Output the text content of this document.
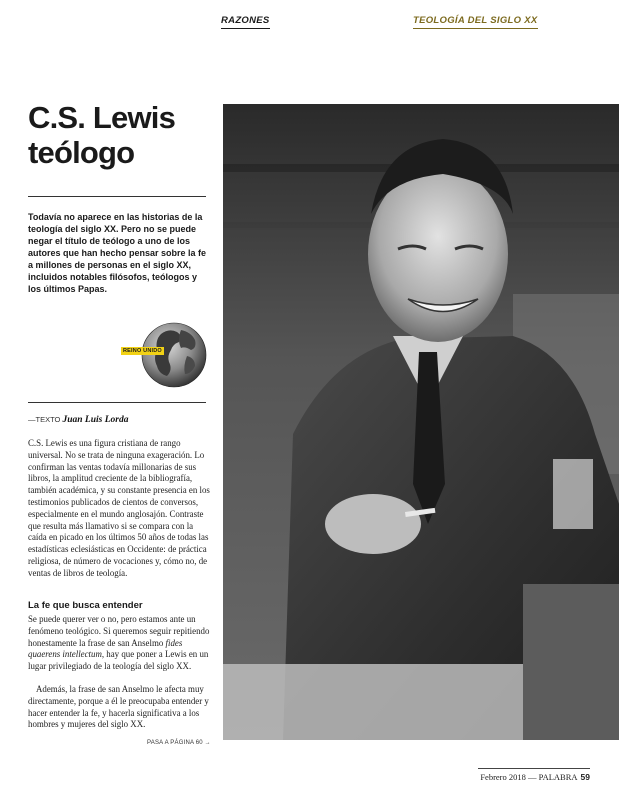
RAZONES	TEOLOGÍA DEL SIGLO XX
C.S. Lewis
teólogo

Todavía no aparece en las historias de la teología del siglo XX. Pero no se puede negar el título de teólogo a uno de los autores que han hecho pensar sobre la fe a millones de personas en el siglo XX, incluidos notables filósofos, teólogos y los últimos Papas.

REINO UNIDO
—TEXTO Juan Luis Lorda

C.S. Lewis es una figura cristiana de rango universal. No se trata de ninguna exageración. Lo confirman las ventas todavía millonarias de sus libros, la amplitud creciente de la bibliografía, también académica, y su constante presencia en los testimonios publicados de cientos de conversos, especialmente en el mundo anglosajón. Contraste que resulta más llamativo si se compara con la caída en picado en los últimos 50 años de todas las estadísticas eclesiásticas en Occidente: de práctica religiosa, de número de vocaciones y, cómo no, de ventas de libros de teología.

La fe que busca entender

Se puede querer ver o no, pero estamos ante un fenómeno teológico. Si queremos seguir repitiendo honestamente la frase de san Anselmo fides quaerens intellectum, hay que poner a Lewis en un lugar privilegiado de la teología del siglo XX.

Además, la frase de san Anselmo le afecta muy directamente, porque a él le preocupaba entender y hacer entender la fe, y hacerla significativa a los hombres y mujeres del siglo XX.

PASA A PÁGINA 60 →
Febrero 2018 — PALABRA 59
